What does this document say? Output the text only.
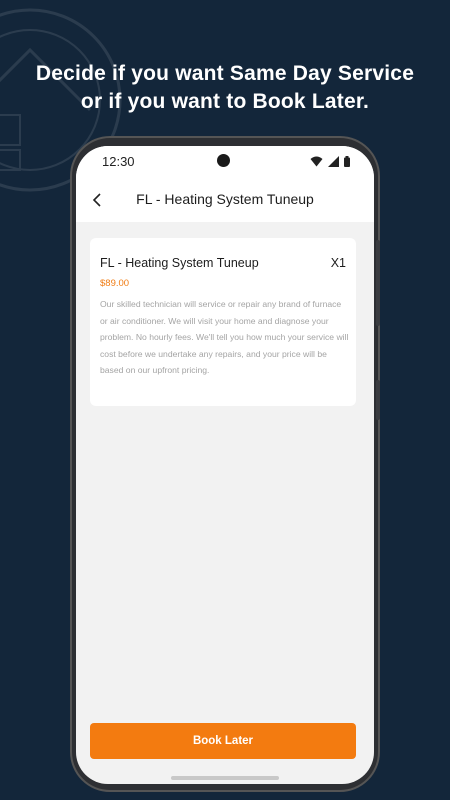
Decide if you want Same Day Service
or if you want to Book Later.
12:30
FL - Heating System Tuneup
FL - Heating System Tuneup	X1
$89.00
Our skilled technician will service or repair any brand of furnace or air conditioner. We will visit your home and diagnose your problem. No hourly fees. We'll tell you how much your service will cost before we undertake any repairs, and your price will be based on our upfront pricing.
Book Later
